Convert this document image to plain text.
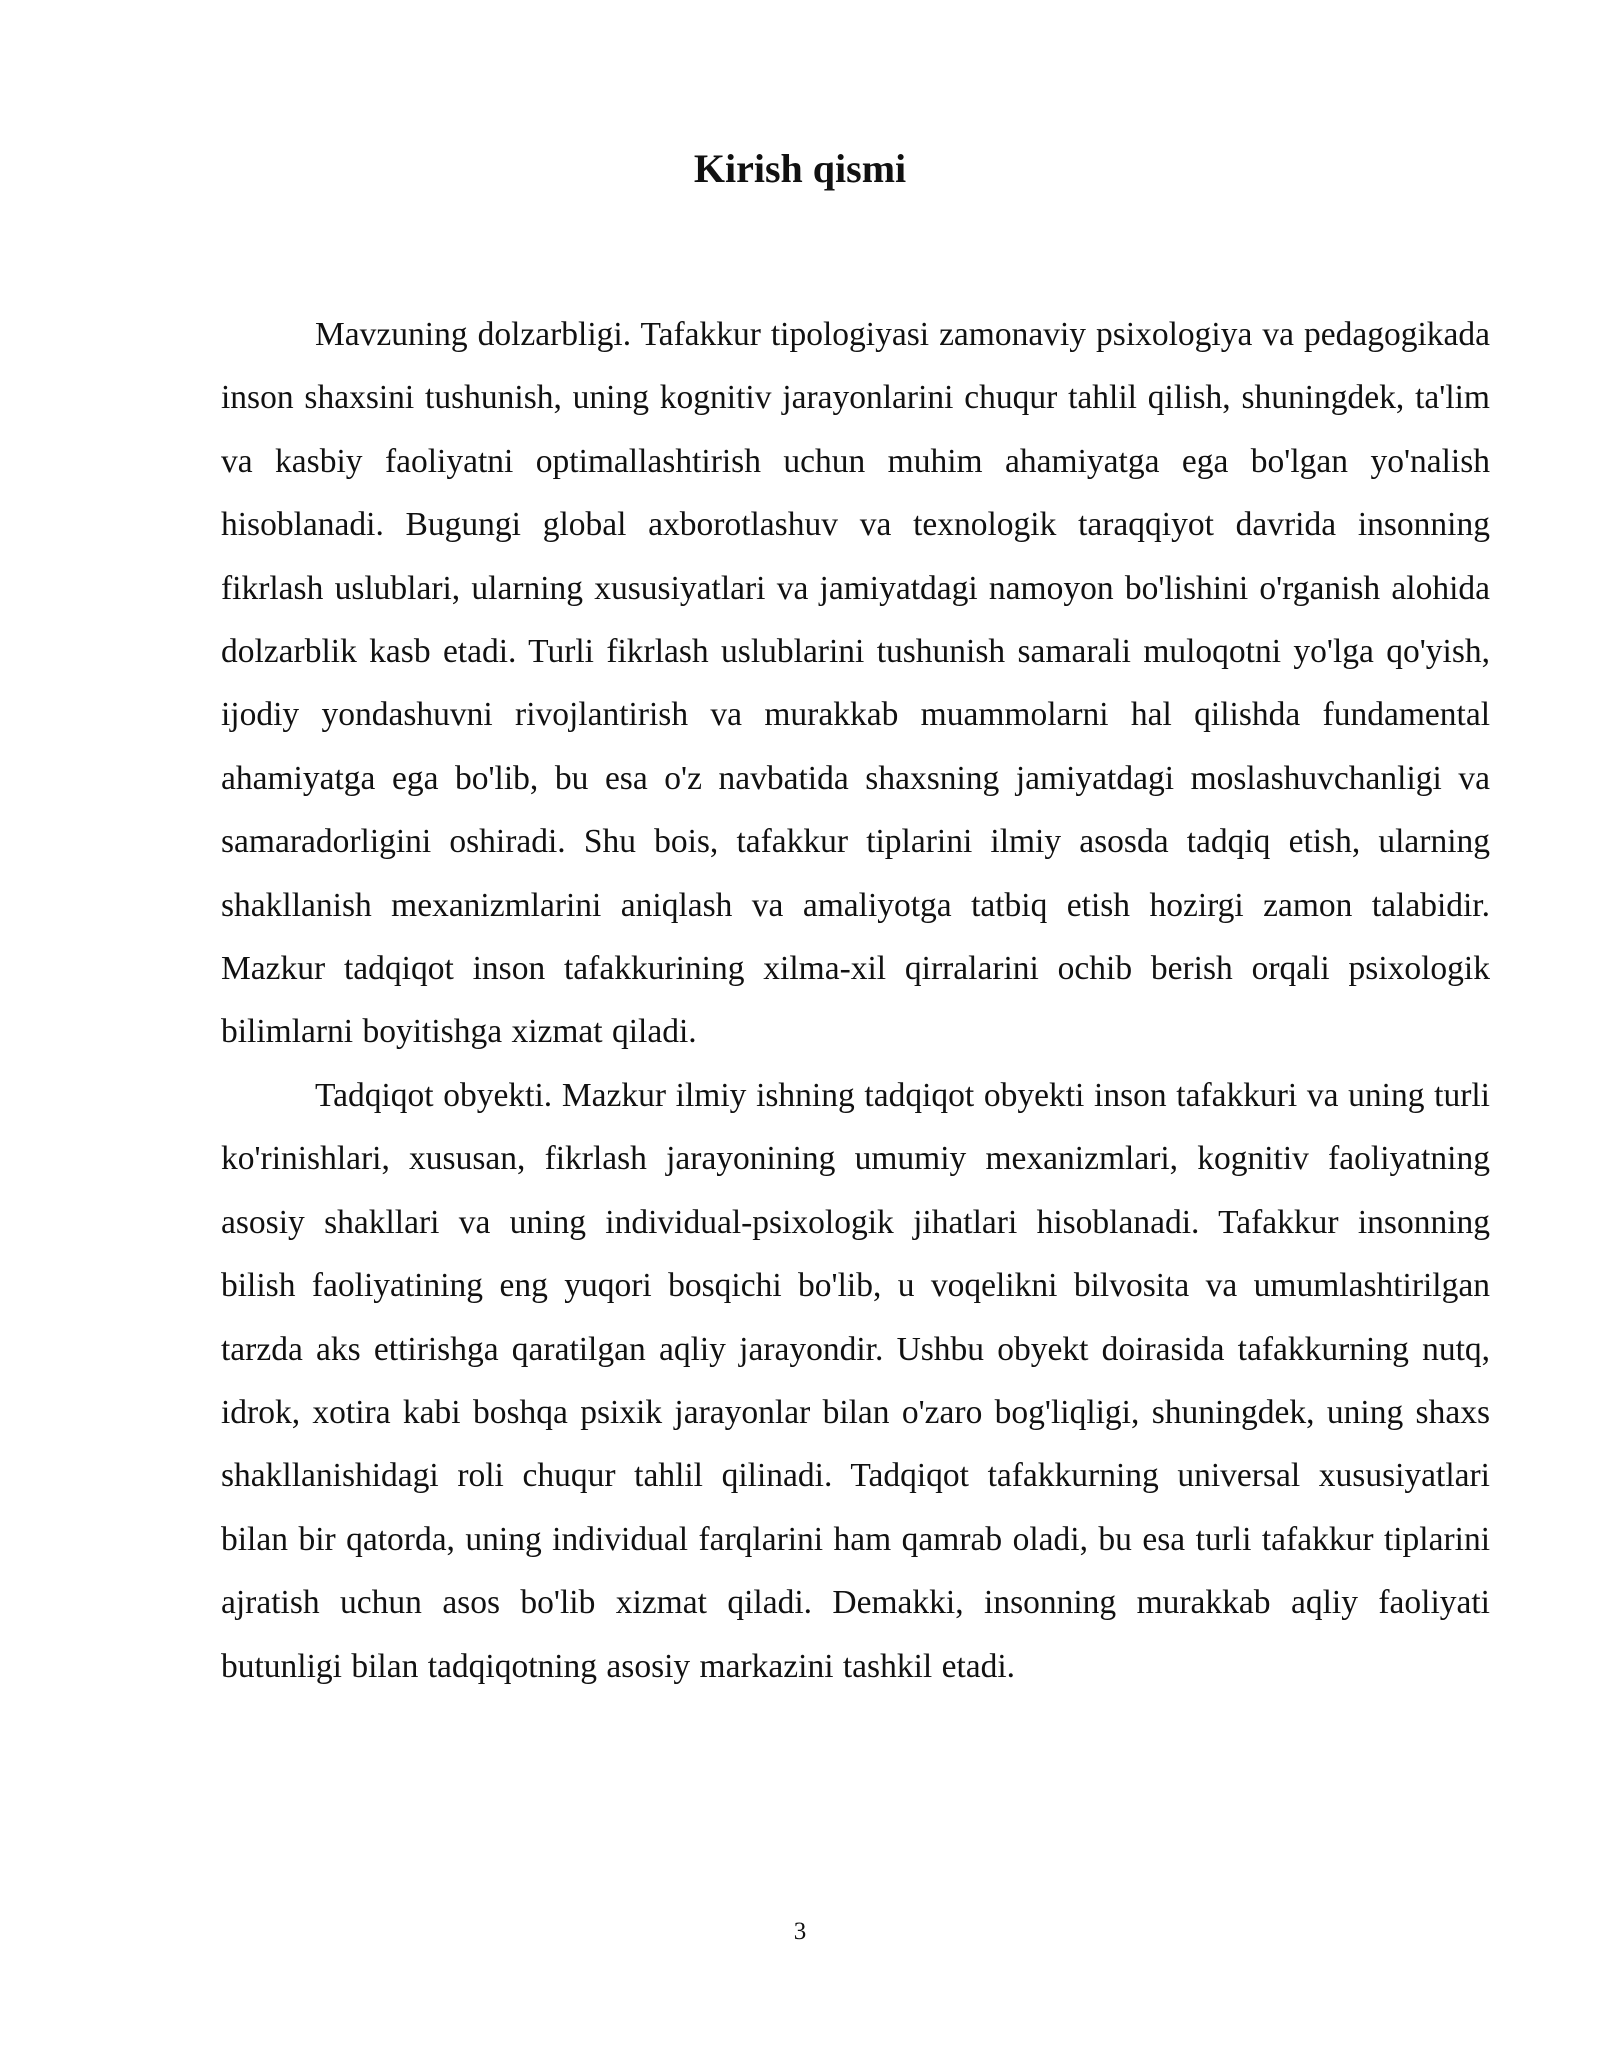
Kirish qismi

Mavzuning dolzarbligi. Tafakkur tipologiyasi zamonaviy psixologiya va pedagogikada inson shaxsini tushunish, uning kognitiv jarayonlarini chuqur tahlil qilish, shuningdek, ta'lim va kasbiy faoliyatni optimallashtirish uchun muhim ahamiyatga ega bo'lgan yo'nalish hisoblanadi. Bugungi global axborotlashuv va texnologik taraqqiyot davrida insonning fikrlash uslublari, ularning xususiyatlari va jamiyatdagi namoyon bo'lishini o'rganish alohida dolzarblik kasb etadi. Turli fikrlash uslublarini tushunish samarali muloqotni yo'lga qo'yish, ijodiy yondashuvni rivojlantirish va murakkab muammolarni hal qilishda fundamental ahamiyatga ega bo'lib, bu esa o'z navbatida shaxsning jamiyatdagi moslashuvchanligi va samaradorligini oshiradi. Shu bois, tafakkur tiplarini ilmiy asosda tadqiq etish, ularning shakllanish mexanizmlarini aniqlash va amaliyotga tatbiq etish hozirgi zamon talabidir. Mazkur tadqiqot inson tafakkurining xilma-xil qirralarini ochib berish orqali psixologik bilimlarni boyitishga xizmat qiladi.

Tadqiqot obyekti. Mazkur ilmiy ishning tadqiqot obyekti inson tafakkuri va uning turli ko'rinishlari, xususan, fikrlash jarayonining umumiy mexanizmlari, kognitiv faoliyatning asosiy shakllari va uning individual-psixologik jihatlari hisoblanadi. Tafakkur insonning bilish faoliyatining eng yuqori bosqichi bo'lib, u voqelikni bilvosita va umumlashtirilgan tarzda aks ettirishga qaratilgan aqliy jarayondir. Ushbu obyekt doirasida tafakkurning nutq, idrok, xotira kabi boshqa psixik jarayonlar bilan o'zaro bog'liqligi, shuningdek, uning shaxs shakllanishidagi roli chuqur tahlil qilinadi. Tadqiqot tafakkurning universal xususiyatlari bilan bir qatorda, uning individual farqlarini ham qamrab oladi, bu esa turli tafakkur tiplarini ajratish uchun asos bo'lib xizmat qiladi. Demakki, insonning murakkab aqliy faoliyati butunligi bilan tadqiqotning asosiy markazini tashkil etadi.

3
